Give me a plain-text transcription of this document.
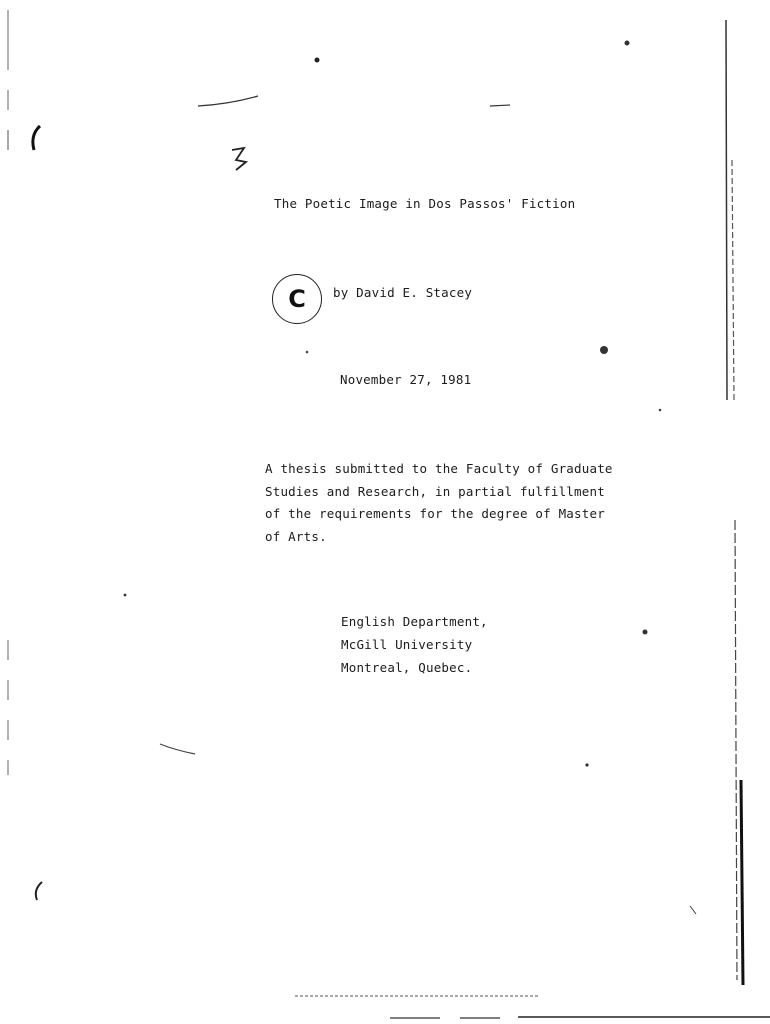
The Poetic Image in Dos Passos' Fiction
C	by David E. Stacey
November 27, 1981
A thesis submitted to the Faculty of Graduate
Studies and Research, in partial fulfillment
of the requirements for the degree of Master
of Arts.
English Department,
McGill University
Montreal, Quebec.
